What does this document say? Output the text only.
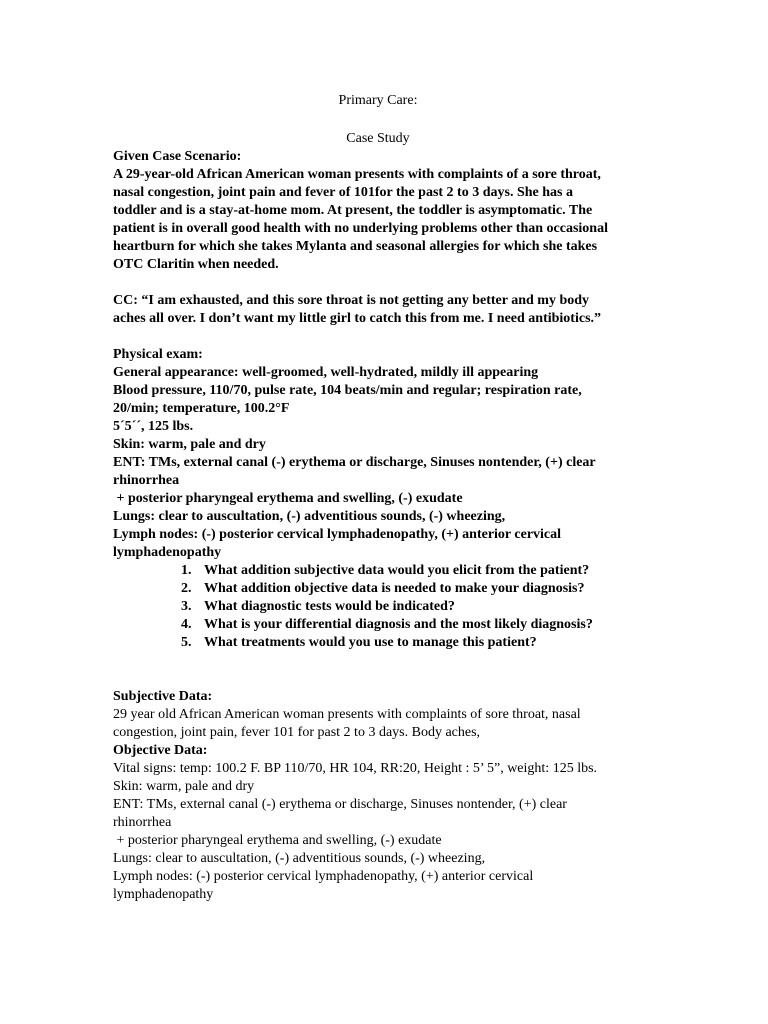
Primary Care:

Case Study

Given Case Scenario:

A 29-year-old African American woman presents with complaints of a sore throat,

nasal congestion, joint pain and fever of 101for the past 2 to 3 days. She has a

toddler and is a stay-at-home mom. At present, the toddler is asymptomatic. The

patient is in overall good health with no underlying problems other than occasional

heartburn for which she takes Mylanta and seasonal allergies for which she takes

OTC Claritin when needed.

CC: “I am exhausted, and this sore throat is not getting any better and my body

aches all over. I don’t want my little girl to catch this from me. I need antibiotics.”

Physical exam:

General appearance: well-groomed, well-hydrated, mildly ill appearing

Blood pressure, 110/70, pulse rate, 104 beats/min and regular; respiration rate,

20/min; temperature, 100.2°F

5´5´´, 125 lbs.

Skin: warm, pale and dry

ENT: TMs, external canal (-) erythema or discharge, Sinuses nontender, (+) clear

rhinorrhea

+ posterior pharyngeal erythema and swelling, (-) exudate

Lungs: clear to auscultation, (-) adventitious sounds, (-) wheezing,

Lymph nodes: (-) posterior cervical lymphadenopathy, (+) anterior cervical

lymphadenopathy

1. What addition subjective data would you elicit from the patient?
2. What addition objective data is needed to make your diagnosis?
3. What diagnostic tests would be indicated?
4. What is your differential diagnosis and the most likely diagnosis?
5. What treatments would you use to manage this patient?

Subjective Data:

29 year old African American woman presents with complaints of sore throat, nasal

congestion, joint pain, fever 101 for past 2 to 3 days. Body aches,

Objective Data:

Vital signs: temp: 100.2 F. BP 110/70, HR 104, RR:20, Height : 5’ 5”, weight: 125 lbs.

Skin: warm, pale and dry

ENT: TMs, external canal (-) erythema or discharge, Sinuses nontender, (+) clear

rhinorrhea

+ posterior pharyngeal erythema and swelling, (-) exudate

Lungs: clear to auscultation, (-) adventitious sounds, (-) wheezing,

Lymph nodes: (-) posterior cervical lymphadenopathy, (+) anterior cervical

lymphadenopathy
